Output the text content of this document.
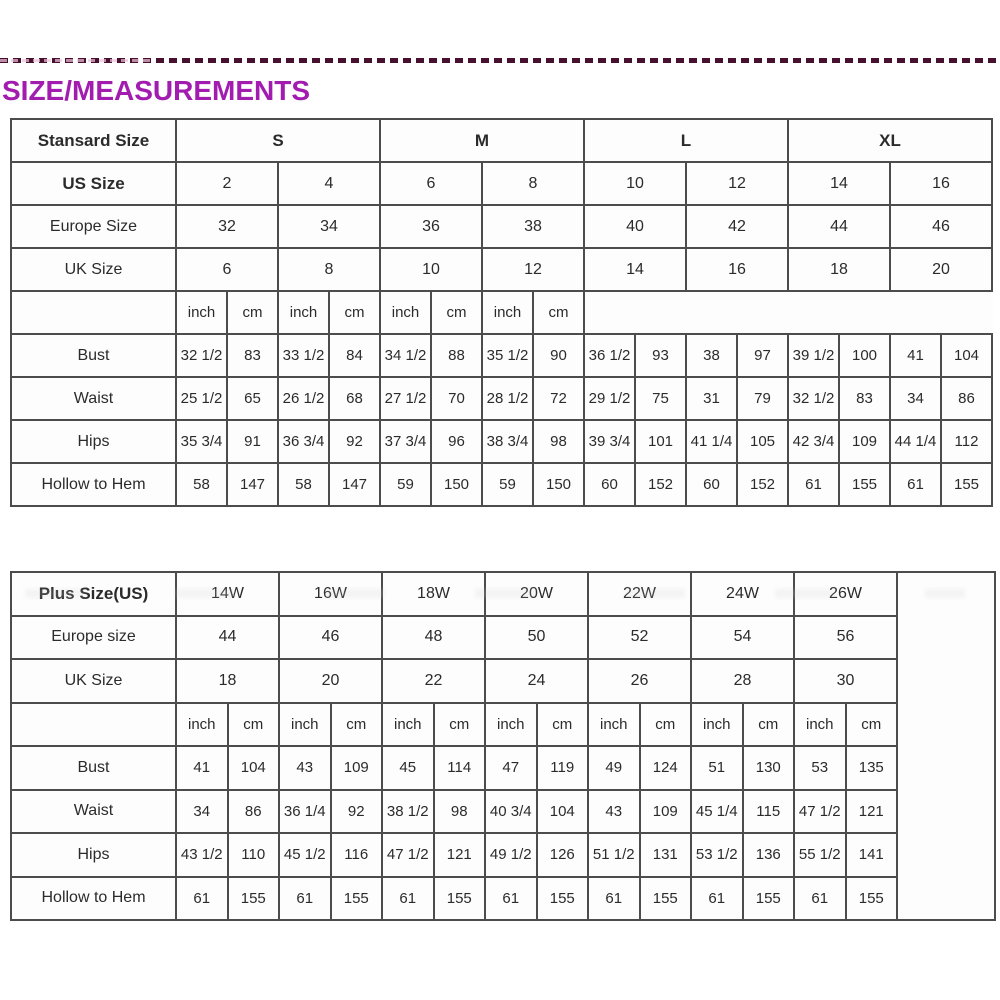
SIZE/MEASUREMENTS
Stansard Size	S				M				L				XL			
US Size	2		4		6		8		10		12		14		16	
Europe Size	32		34		36		38		40		42		44		46	
UK Size	6		8		10		12		14		16		18		20	
	inch	cm	inch	cm	inch	cm	inch	cm								
Bust	32 1/2	83	33 1/2	84	34 1/2	88	35 1/2	90	36 1/2	93	38	97	39 1/2	100	41	104
Waist	25 1/2	65	26 1/2	68	27 1/2	70	28 1/2	72	29 1/2	75	31	79	32 1/2	83	34	86
Hips	35 3/4	91	36 3/4	92	37 3/4	96	38 3/4	98	39 3/4	101	41 1/4	105	42 3/4	109	44 1/4	112
Hollow to Hem	58	147	58	147	59	150	59	150	60	152	60	152	61	155	61	155
Plus Size(US)	14W		16W		18W		20W		22W		24W		26W		
Europe size	44		46		48		50		52		54		56		
UK Size	18		20		22		24		26		28		30		
	inch	cm	inch	cm	inch	cm	inch	cm	inch	cm	inch	cm	inch	cm	
Bust	41	104	43	109	45	114	47	119	49	124	51	130	53	135	
Waist	34	86	36 1/4	92	38 1/2	98	40 3/4	104	43	109	45 1/4	115	47 1/2	121	
Hips	43 1/2	110	45 1/2	116	47 1/2	121	49 1/2	126	51 1/2	131	53 1/2	136	55 1/2	141	
Hollow to Hem	61	155	61	155	61	155	61	155	61	155	61	155	61	155	
